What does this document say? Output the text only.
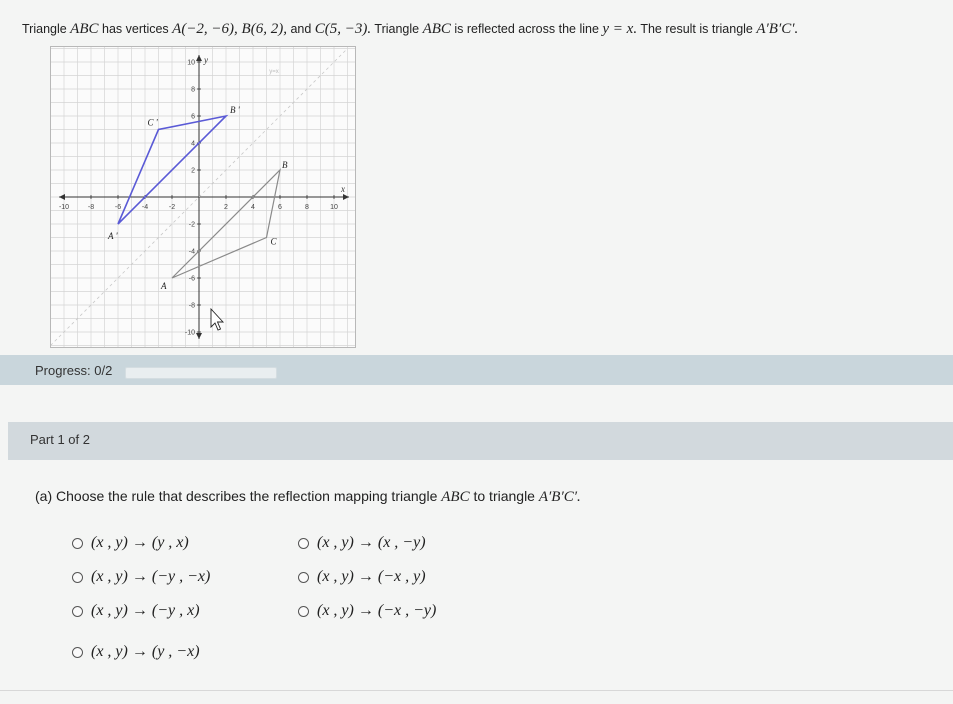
Triangle ABC has vertices A(−2, −6), B(6, 2), and C(5, −3). Triangle ABC is reflected across the line y = x. The result is triangle A′B′C′.
x
y
-10	-8	-6	-4	-2	2	4	6	8	10
10
8
6
4
2
-2
-4
-6
-8
-10
y=x
A
B
C
A '
B '
C '
Progress: 0/2
Part 1 of 2
(a) Choose the rule that describes the reflection mapping triangle ABC to triangle A′B′C′.
(x , y) → (y , x)	(x , y) → (x , −y)
(x , y) → (−y , −x)	(x , y) → (−x , y)
(x , y) → (−y , x)	(x , y) → (−x , −y)
(x , y) → (y , −x)
